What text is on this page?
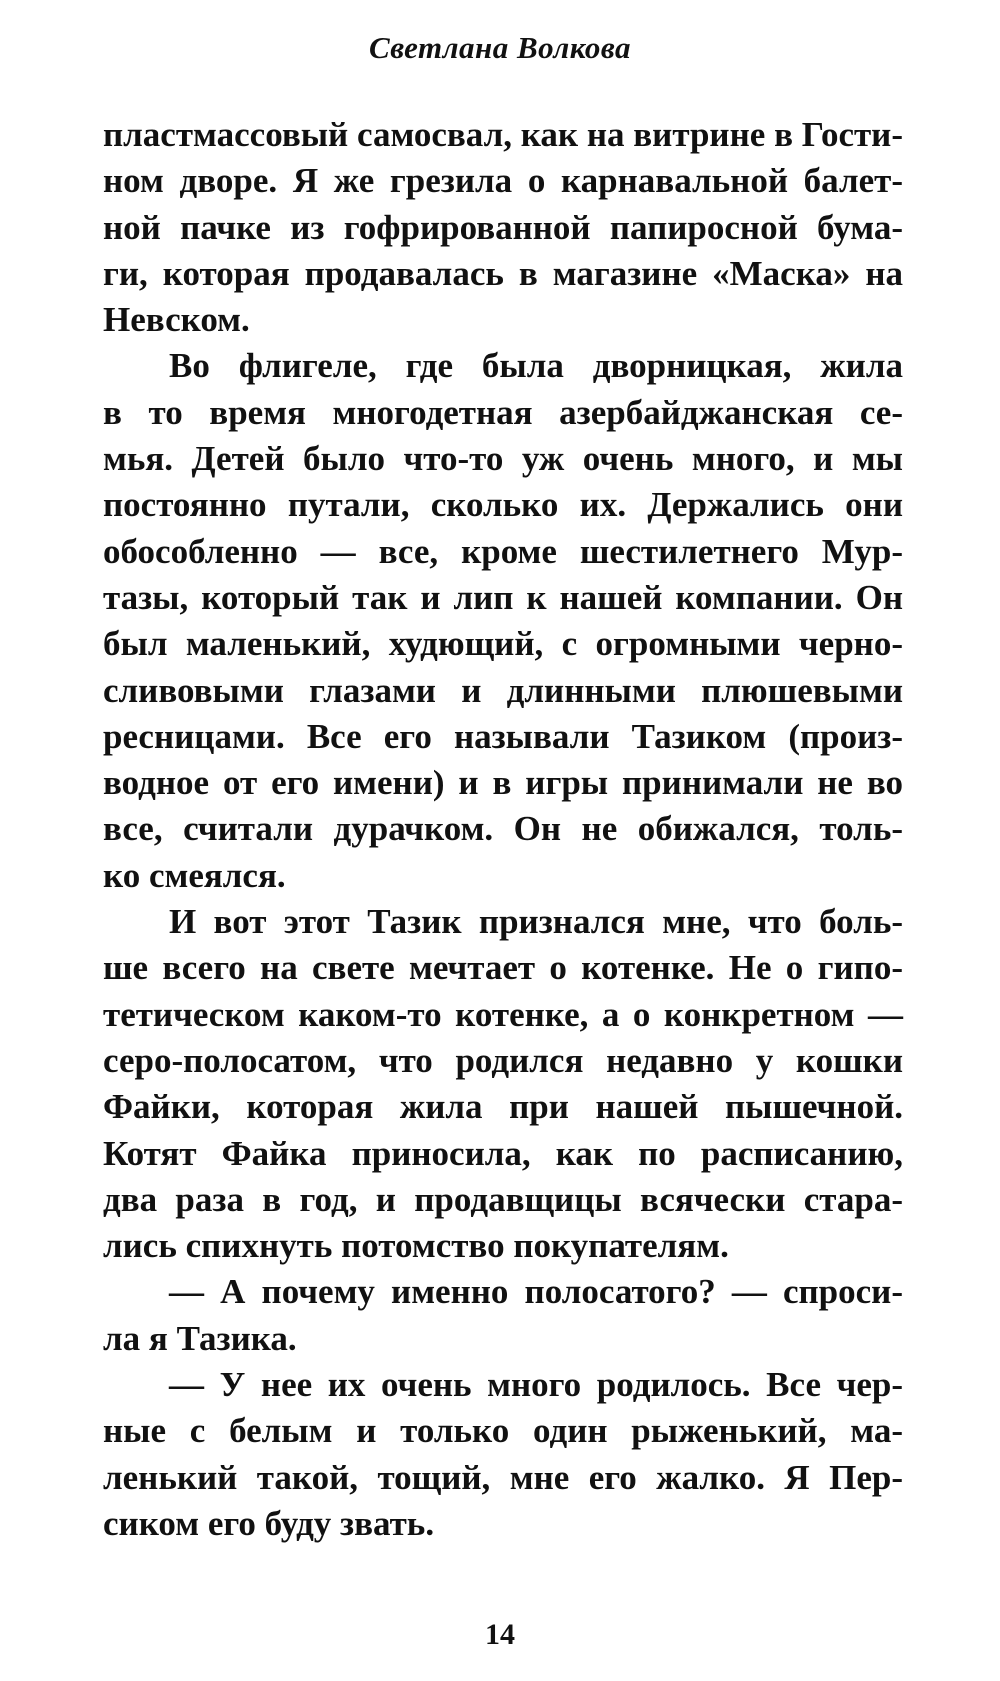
Светлана Волкова
пластмассовый самосвал, как на витрине в Гости-
ном дворе. Я же грезила о карнавальной балет-
ной пачке из гофрированной папиросной бума-
ги, которая продавалась в магазине «Маска» на
Невском.
Во флигеле, где была дворницкая, жила
в то время многодетная азербайджанская се-
мья. Детей было что-то уж очень много, и мы
постоянно путали, сколько их. Держались они
обособленно — все, кроме шестилетнего Мур-
тазы, который так и лип к нашей компании. Он
был маленький, худющий, с огромными черно-
сливовыми глазами и длинными плюшевыми
ресницами. Все его называли Тазиком (произ-
водное от его имени) и в игры принимали не во
все, считали дурачком. Он не обижался, толь-
ко смеялся.
И вот этот Тазик признался мне, что боль-
ше всего на свете мечтает о котенке. Не о гипо-
тетическом каком-то котенке, а о конкретном —
серо-полосатом, что родился недавно у кошки
Файки, которая жила при нашей пышечной.
Котят Файка приносила, как по расписанию,
два раза в год, и продавщицы всячески стара-
лись спихнуть потомство покупателям.
— А почему именно полосатого? — спроси-
ла я Тазика.
— У нее их очень много родилось. Все чер-
ные с белым и только один рыженький, ма-
ленький такой, тощий, мне его жалко. Я Пер-
сиком его буду звать.
14
